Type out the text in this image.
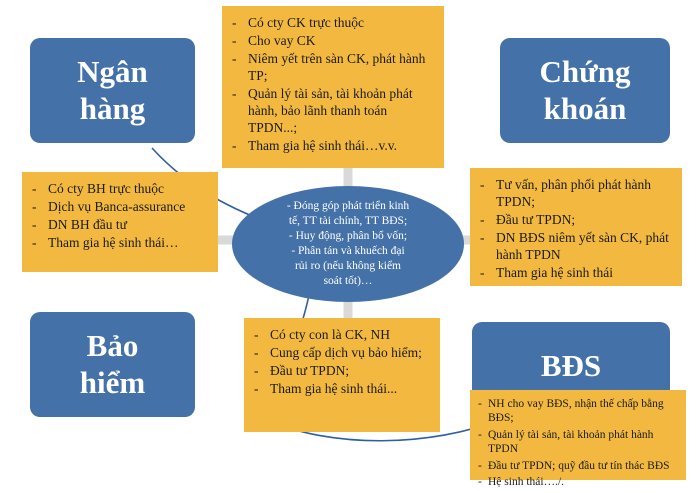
Ngân
hàng
Chứng
khoán
Bảo
hiểm	BĐS
- Có cty CK trực thuộc
- Cho vay CK
- Niêm yết trên sàn CK, phát hành TP;
- Quản lý tài sản, tài khoản phát hành, bảo lãnh thanh toán TPDN...;
- Tham gia hệ sinh thái…v.v.
- Có cty BH trực thuộc
- Dịch vụ Banca-assurance
- DN BH đầu tư
- Tham gia hệ sinh thái…
- Tư vấn, phân phối phát hành TPDN;
- Đầu tư TPDN;
- DN BĐS niêm yết sàn CK, phát hành TPDN
- Tham gia hệ sinh thái
- Có cty con là CK, NH
- Cung cấp dịch vụ bảo hiểm;
- Đầu tư TPDN;
- Tham gia hệ sinh thái...
- NH cho vay BĐS, nhận thế chấp bằng BĐS;
- Quản lý tài sản, tài khoản phát hành TPDN
- Đầu tư TPDN; quỹ đầu tư tín thác BĐS
- Hệ sinh thái…./.
- Đóng góp phát triển kinh
tế, TT tài chính, TT BĐS;
- Huy động, phân bổ vốn;
- Phân tán và khuếch đại
rủi ro (nếu không kiểm
soát tốt)…
